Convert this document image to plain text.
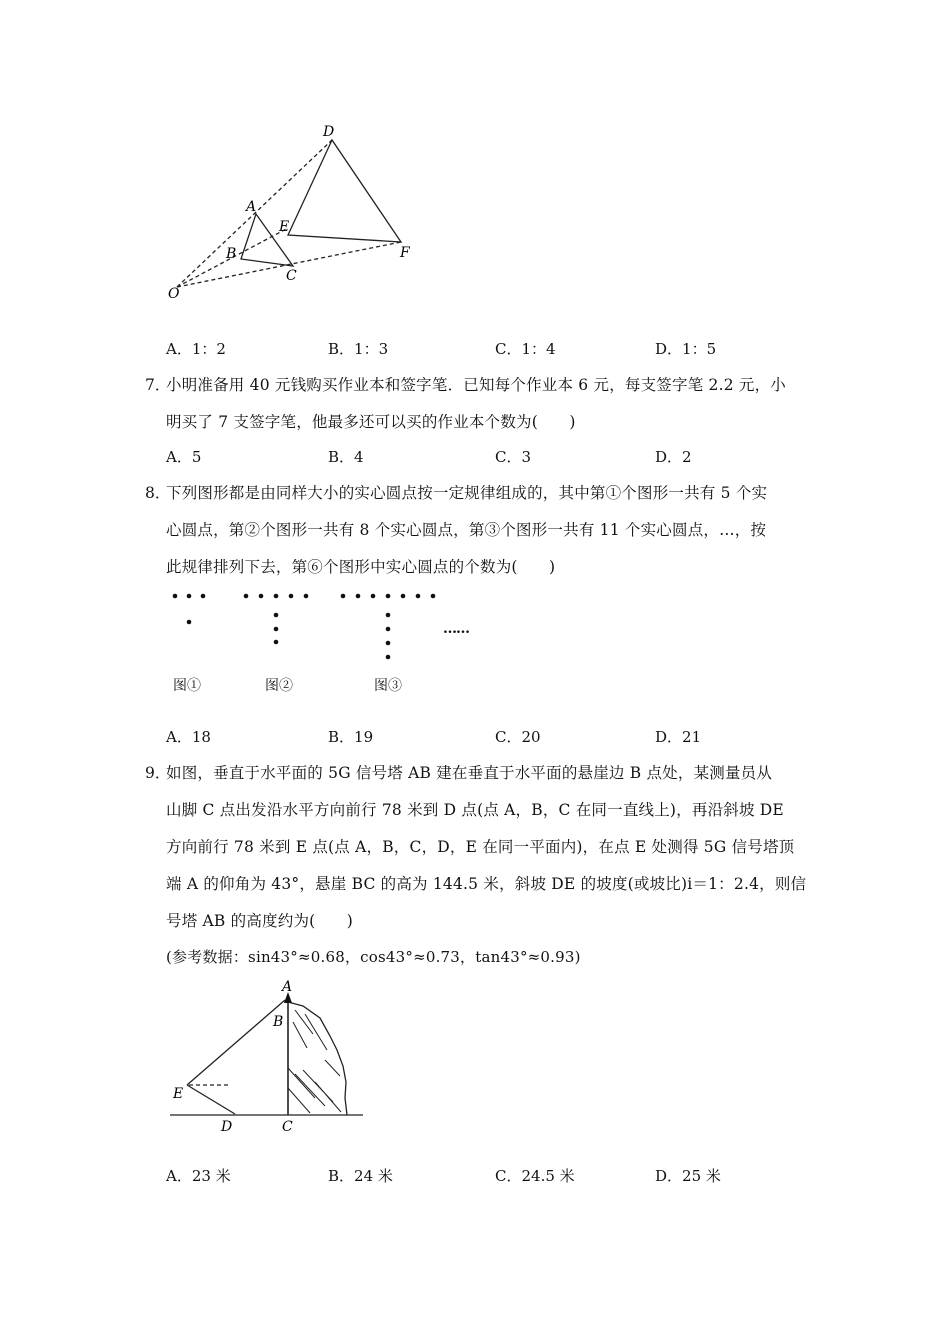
D
A
E
B
C
F
O
A．1：2	B．1：3	C．1：4	D．1：5
7．
小明准备用 40 元钱购买作业本和签字笔．已知每个作业本 6 元，每支签字笔 2.2 元，小
明买了 7 支签字笔，他最多还可以买的作业本个数为(　　)
A．5	B．4	C．3	D．2
8．
下列图形都是由同样大小的实心圆点按一定规律组成的，其中第①个图形一共有 5 个实
心圆点，第②个图形一共有 8 个实心圆点，第③个图形一共有 11 个实心圆点，…，按
此规律排列下去，第⑥个图形中实心圆点的个数为(　　)
……
图①	图②	图③
A．18	B．19	C．20	D．21
9．
如图，垂直于水平面的 5G 信号塔 AB 建在垂直于水平面的悬崖边 B 点处，某测量员从
山脚 C 点出发沿水平方向前行 78 米到 D 点(点 A，B，C 在同一直线上)，再沿斜坡 DE
方向前行 78 米到 E 点(点 A，B，C，D，E 在同一平面内)，在点 E 处测得 5G 信号塔顶
端 A 的仰角为 43°，悬崖 BC 的高为 144.5 米，斜坡 DE 的坡度(或坡比)i＝1：2.4，则信
号塔 AB 的高度约为(　　)
(参考数据：sin43°≈0.68，cos43°≈0.73，tan43°≈0.93)
A
B
E
D	C
A．23 米	B．24 米	C．24.5 米	D．25 米
